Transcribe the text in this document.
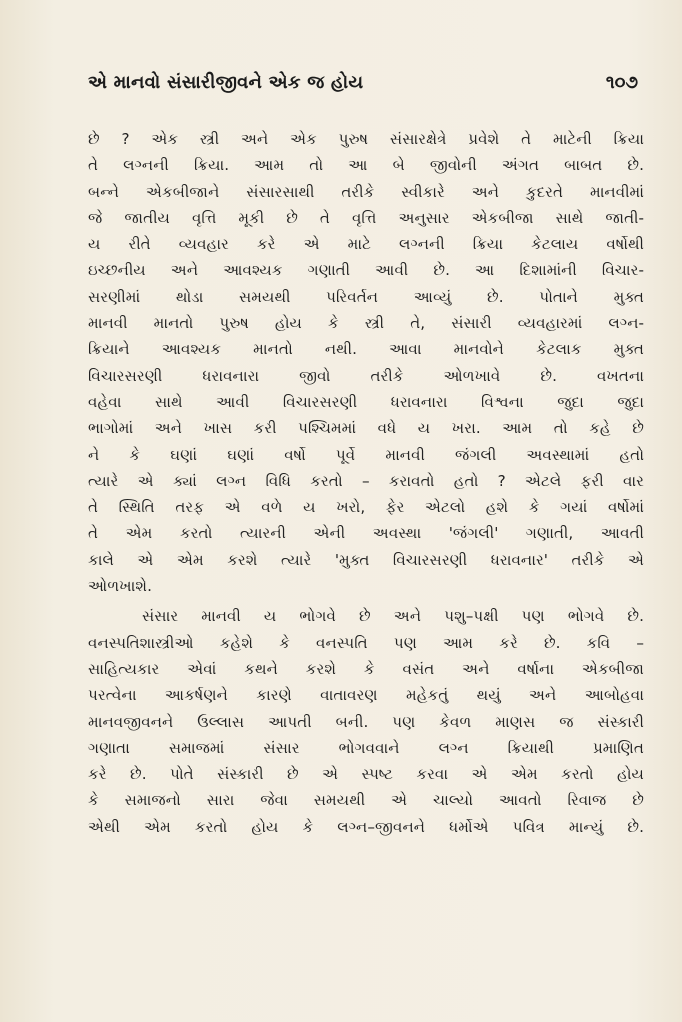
એ માનવો સંસારીજીવને એક જ હોય	૧૦૭
છે ? એક સ્ત્રી અને એક પુરુષ સંસારક્ષેત્રે પ્રવેશે તે માટેની ક્રિયા
તે લગ્નની ક્રિયા. આમ તો આ બે જીવોની અંગત બાબત છે.
બન્ને એકબીજાને સંસારસાથી તરીકે સ્વીકારે અને કુદરતે માનવીમાં
જે જાતીય વૃત્તિ મૂકી છે તે વૃત્તિ અનુસાર એકબીજા સાથે જાતી-
ય રીતે વ્યવહાર કરે એ માટે લગ્નની ક્રિયા કેટલાય વર્ષોથી
ઇચ્છનીય અને આવશ્યક ગણાતી આવી છે. આ દિશામાંની વિચાર-
સરણીમાં થોડા સમયથી પરિવર્તન આવ્યું છે. પોતાને મુક્ત
માનવી માનતો પુરુષ હોય કે સ્ત્રી તે, સંસારી વ્યવહારમાં લગ્ન-
ક્રિયાને આવશ્યક માનતો નથી. આવા માનવોને કેટલાક મુક્ત
વિચારસરણી ધરાવનારા જીવો તરીકે ઓળખાવે છે. વખતના
વહેવા સાથે આવી વિચારસરણી ધરાવનારા વિશ્વના જુદા જુદા
ભાગોમાં અને ખાસ કરી પશ્ચિમમાં વધે ય ખરા. આમ તો કહે છે
ને કે ઘણાં ઘણાં વર્ષો પૂર્વે માનવી જંગલી અવસ્થામાં હતો
ત્યારે એ ક્યાં લગ્ન વિધિ કરતો – કરાવતો હતો ? એટલે ફરી વાર
તે સ્થિતિ તરફ એ વળે ય ખરો, ફેર એટલો હશે કે ગયાં વર્ષોમાં
તે એમ કરતો ત્યારની એની અવસ્થા 'જંગલી' ગણાતી, આવતી
કાલે એ એમ કરશે ત્યારે 'મુક્ત વિચારસરણી ધરાવનાર' તરીકે એ
ઓળખાશે.
સંસાર માનવી ય ભોગવે છે અને પશુ–પક્ષી પણ ભોગવે છે.
વનસ્પતિશાસ્ત્રીઓ કહેશે કે વનસ્પતિ પણ આમ કરે છે. કવિ –
સાહિત્યકાર એવાં કથને કરશે કે વસંત અને વર્ષાના એકબીજા
પરત્વેના આકર્ષણને કારણે વાતાવરણ મહેકતું થયું અને આબોહવા
માનવજીવનને ઉલ્લાસ આપતી બની. પણ કેવળ માણસ જ સંસ્કારી
ગણાતા સમાજમાં સંસાર ભોગવવાને લગ્ન ક્રિયાથી પ્રમાણિત
કરે છે. પોતે સંસ્કારી છે એ સ્પષ્ટ કરવા એ એમ કરતો હોય
કે સમાજનો સારા જેવા સમયથી એ ચાલ્યો આવતો રિવાજ છે
એથી એમ કરતો હોય કે લગ્ન–જીવનને ધર્મોએ પવિત્ર માન્યું છે.
